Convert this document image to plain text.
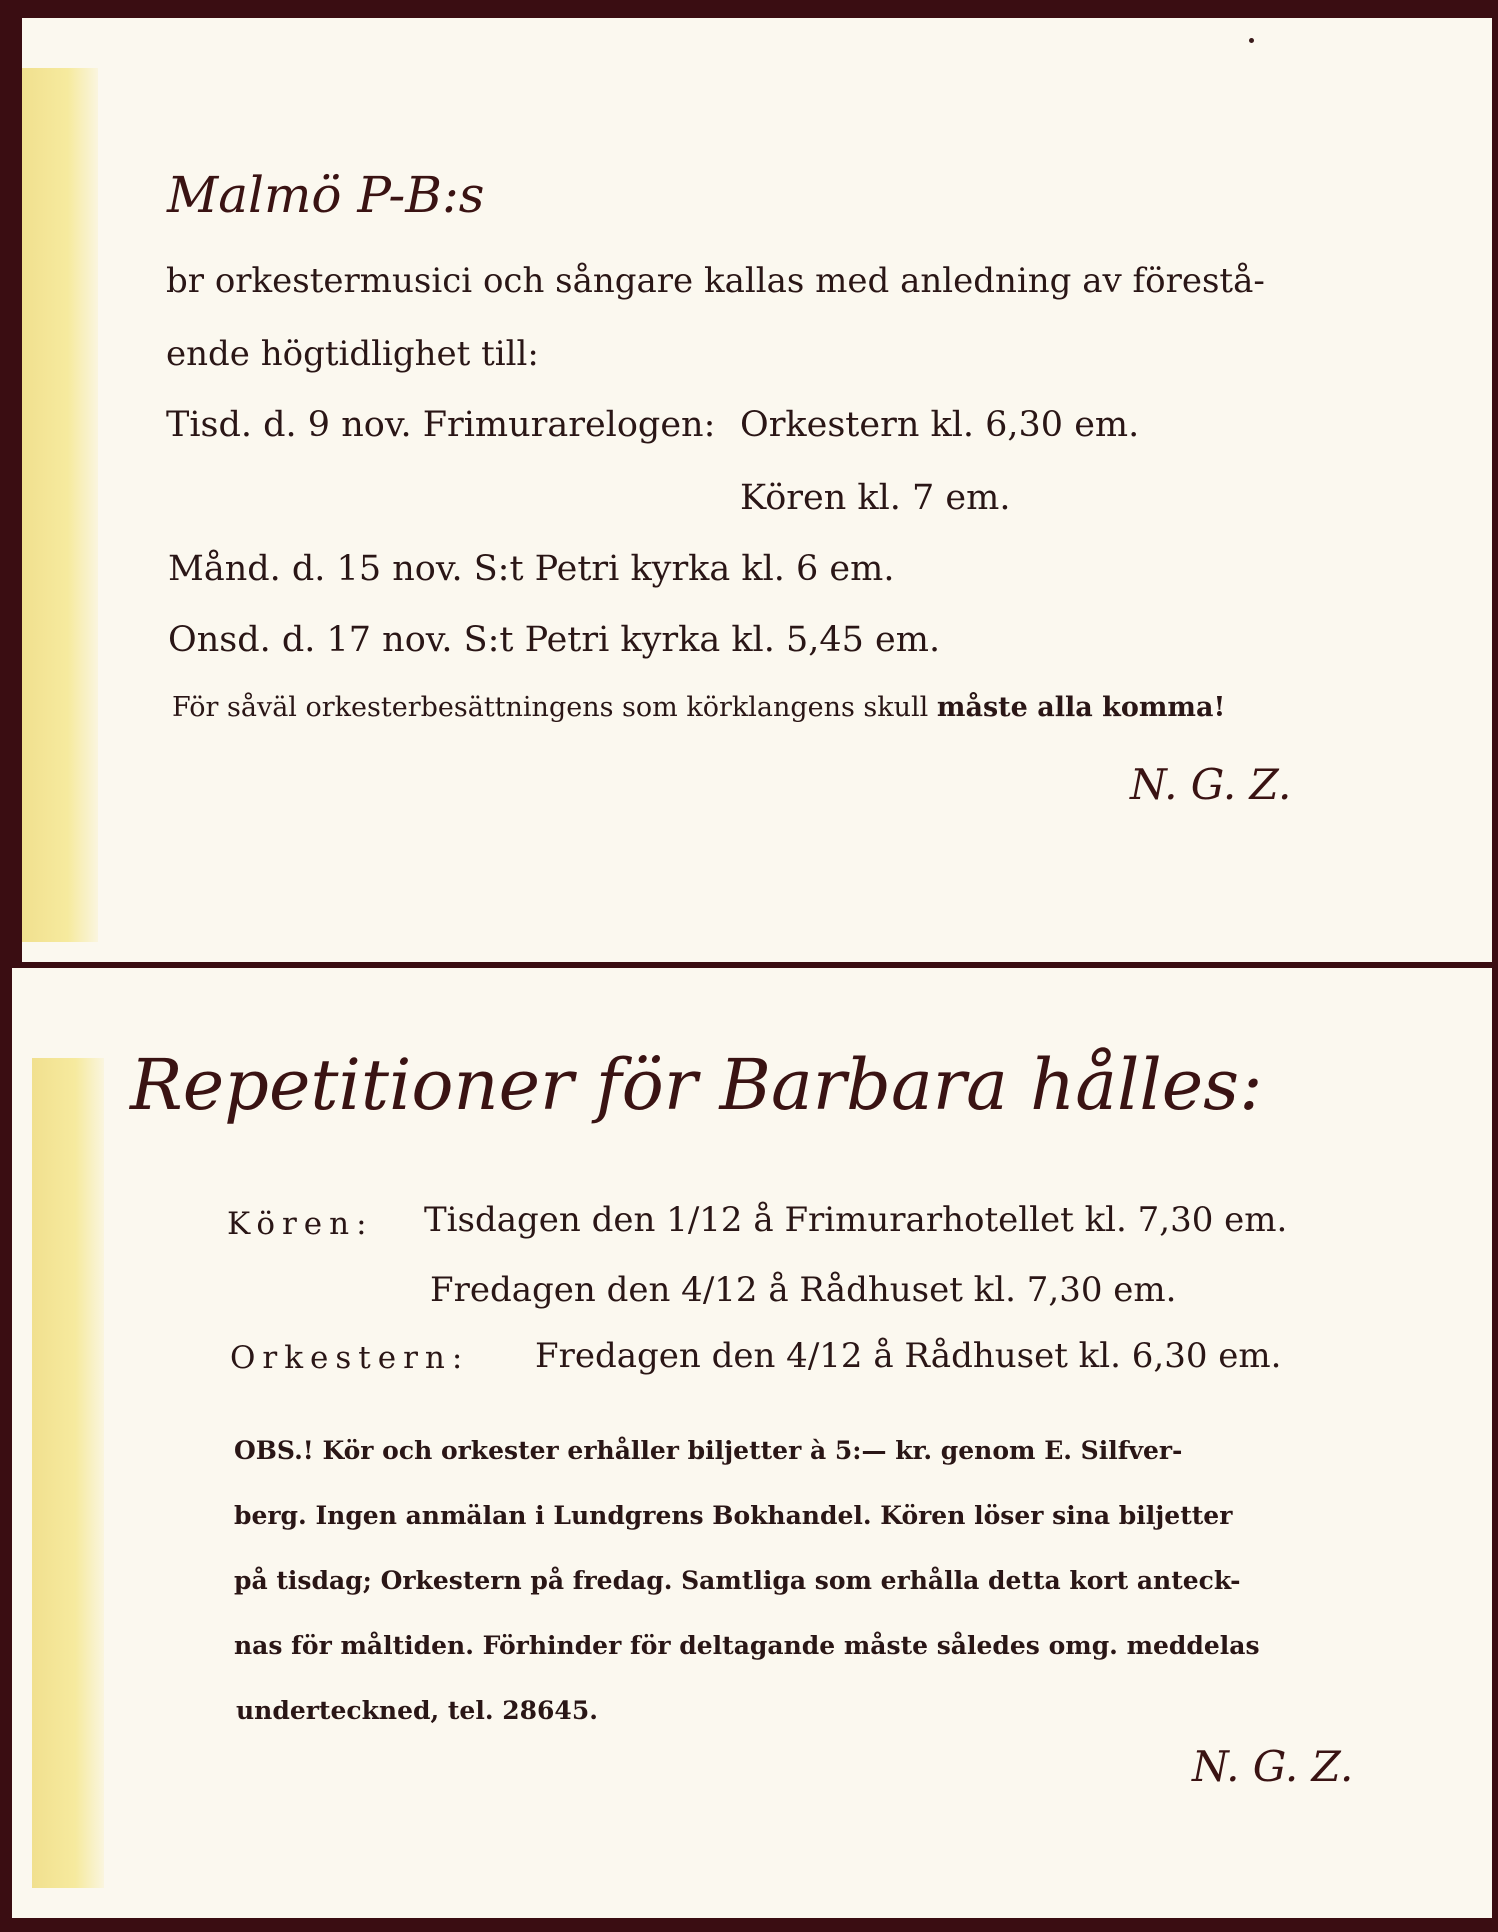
Malmö P-B:s
br orkestermusici och sångare kallas med anledning av förestå-
ende högtidlighet till:
Tisd. d. 9 nov. Frimurarelogen: Orkestern kl. 6,30 em.
Kören kl. 7 em.
Månd. d. 15 nov. S:t Petri kyrka kl. 6 em.
Onsd. d. 17 nov. S:t Petri kyrka kl. 5,45 em.
För såväl orkesterbesättningens som körklangens skull måste alla komma!
N. G. Z.
Repetitioner för Barbara hålles:
Kören: Tisdagen den 1/12 å Frimurarhotellet kl. 7,30 em.
Fredagen den 4/12 å Rådhuset kl. 7,30 em.
Orkestern: Fredagen den 4/12 å Rådhuset kl. 6,30 em.
OBS.! Kör och orkester erhåller biljetter à 5:— kr. genom E. Silfver-
berg. Ingen anmälan i Lundgrens Bokhandel. Kören löser sina biljetter
på tisdag; Orkestern på fredag. Samtliga som erhålla detta kort anteck-
nas för måltiden. Förhinder för deltagande måste således omg. meddelas
underteckned, tel. 28645.
N. G. Z.
